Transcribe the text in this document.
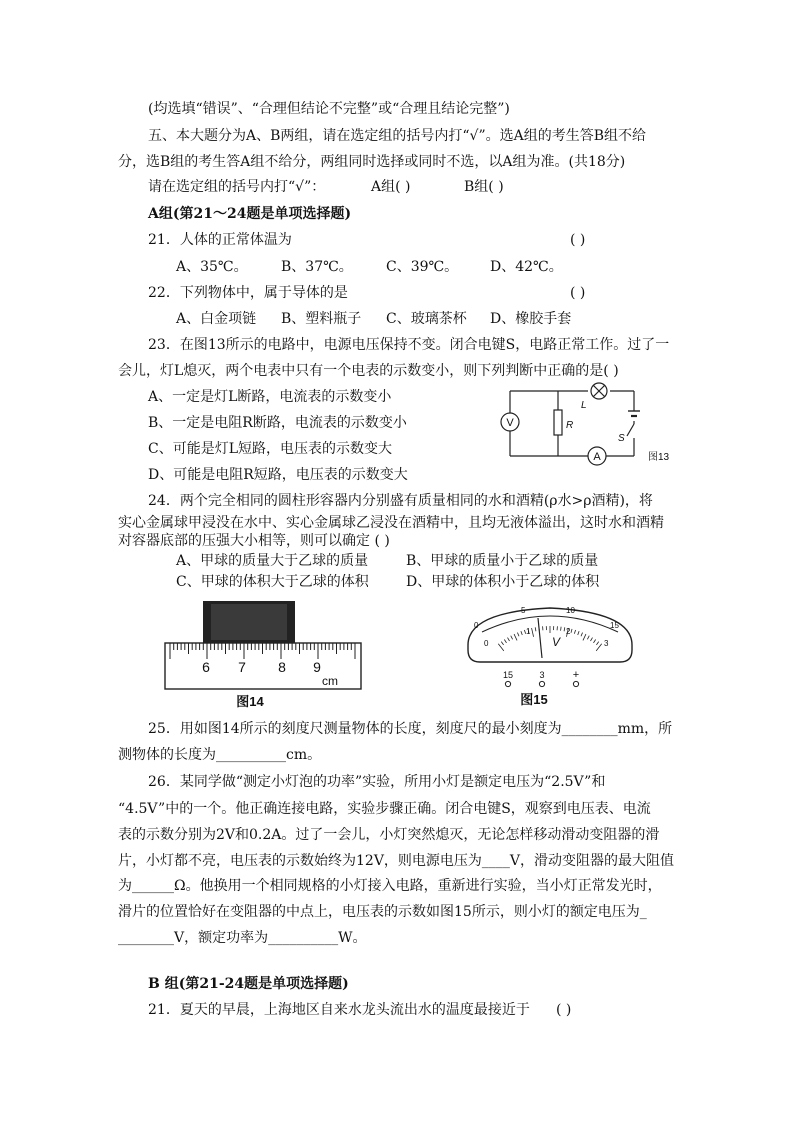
(均选填“错误”、“合理但结论不完整”或“合理且结论完整”)
五、本大题分为A、B两组，请在选定组的括号内打“√”。选A组的考生答B组不给
分，选B组的考生答A组不给分，两组同时选择或同时不选，以A组为准。(共18分)
请在选定组的括号内打“√”：	A组( )	B组( )
A组(第21～24题是单项选择题)
21．人体的正常体温为	( )
A、35℃。 B、37℃。 C、39℃。 D、42℃。
22．下列物体中，属于导体的是	( )
A、白金项链 B、塑料瓶子 C、玻璃茶杯 D、橡胶手套
23．在图13所示的电路中，电源电压保持不变。闭合电键S，电路正常工作。过了一
会儿，灯L熄灭，两个电表中只有一个电表的示数变小，则下列判断中正确的是( )
A、一定是灯L断路，电流表的示数变小
B、一定是电阻R断路，电流表的示数变小
C、可能是灯L短路，电压表的示数变大
D、可能是电阻R短路，电压表的示数变大
V
A
L
R
S
图13
24．两个完全相同的圆柱形容器内分别盛有质量相同的水和酒精(ρ水>ρ酒精)，将
实心金属球甲浸没在水中、实心金属球乙浸没在酒精中，且均无液体溢出，这时水和酒精
对容器底部的压强大小相等，则可以确定 ( )
A、甲球的质量大于乙球的质量	B、甲球的质量小于乙球的质量
C、甲球的体积大于乙球的体积	D、甲球的体积小于乙球的体积
6 7 8 9
cm
图14
0
5	10
15
0
1	2
3
V
15	3	+
图15
25．用如图14所示的刻度尺测量物体的长度，刻度尺的最小刻度为________mm，所
测物体的长度为__________cm。
26．某同学做“测定小灯泡的功率”实验，所用小灯是额定电压为“2.5V”和
“4.5V”中的一个。他正确连接电路，实验步骤正确。闭合电键S，观察到电压表、电流
表的示数分别为2V和0.2A。过了一会儿，小灯突然熄灭，无论怎样移动滑动变阻器的滑
片，小灯都不亮，电压表的示数始终为12V，则电源电压为____V，滑动变阻器的最大阻值
为______Ω。他换用一个相同规格的小灯接入电路，重新进行实验，当小灯正常发光时，
滑片的位置恰好在变阻器的中点上，电压表的示数如图15所示，则小灯的额定电压为_
________V，额定功率为__________W。
B 组(第21-24题是单项选择题)
21．夏天的早晨，上海地区自来水龙头流出水的温度最接近于 ( )
